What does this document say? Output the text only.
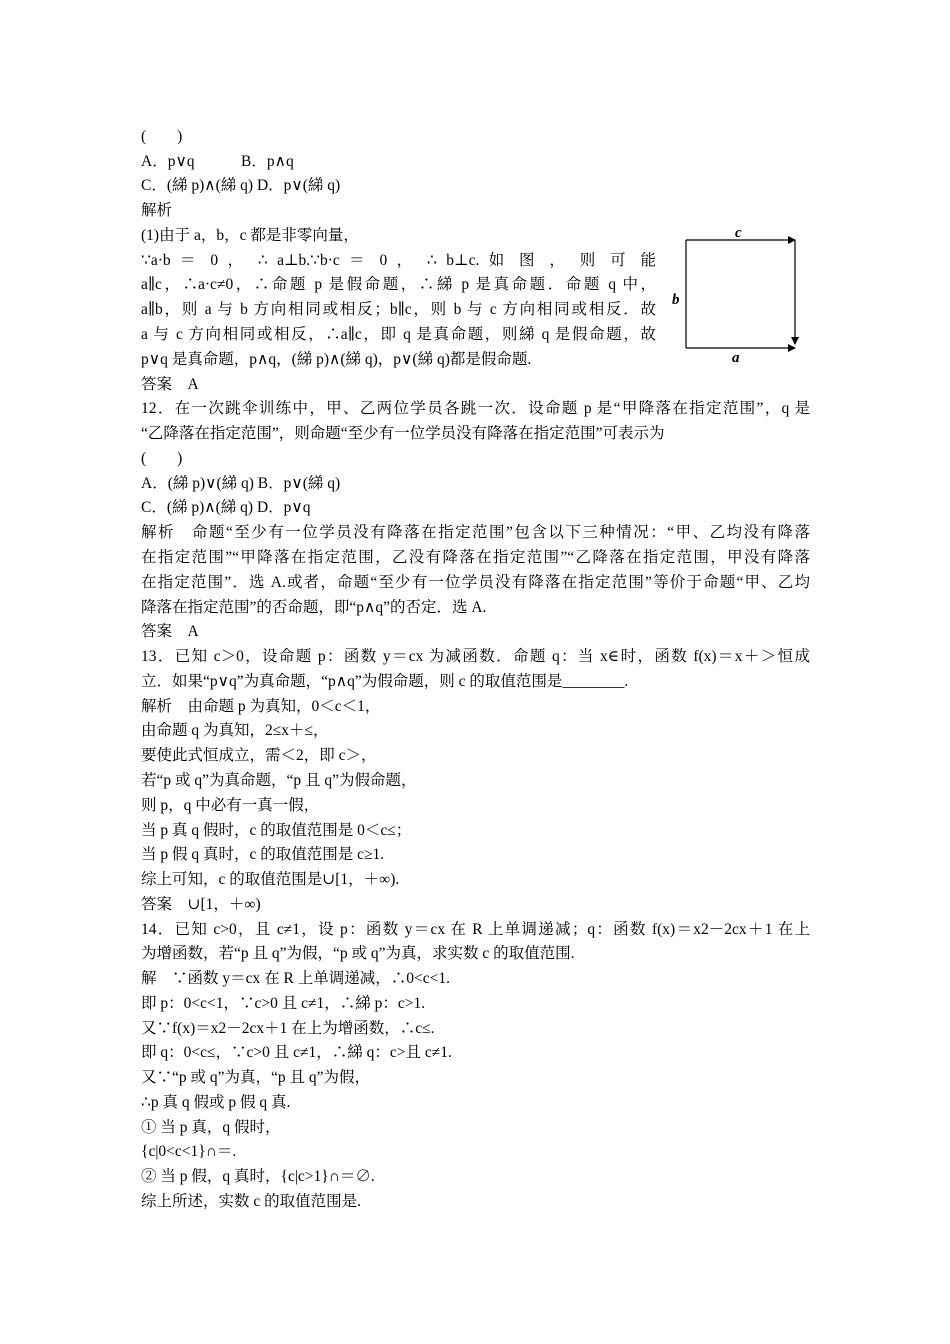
(　　)
A．p∨q　　　B．p∧q
C．(綈 p)∧(綈 q) D．p∨(綈 q)
解析
(1)由于 a，b，c 都是非零向量，
∵a·b ＝ 0 ， ∴ a⊥b.∵b·c ＝ 0 ， ∴ b⊥c. 如 图 ， 则 可 能
a∥c，∴a·c≠0，∴命题 p 是假命题，∴綈 p 是真命题．命题 q 中，
a∥b，则 a 与 b 方向相同或相反；b∥c，则 b 与 c 方向相同或相反．故
a 与 c 方向相同或相反，∴a∥c，即 q 是真命题，则綈 q 是假命题，故
p∨q 是真命题，p∧q，(綈 p)∧(綈 q)，p∨(綈 q)都是假命题.
答案　A
12．在一次跳伞训练中，甲、乙两位学员各跳一次．设命题 p 是“甲降落在指定范围”，q 是
“乙降落在指定范围”，则命题“至少有一位学员没有降落在指定范围”可表示为
(　　)
A．(綈 p)∨(綈 q) B．p∨(綈 q)
C．(綈 p)∧(綈 q) D．p∨q
解析　命题“至少有一位学员没有降落在指定范围”包含以下三种情况：“甲、乙均没有降落
在指定范围”“甲降落在指定范围，乙没有降落在指定范围”“乙降落在指定范围，甲没有降落
在指定范围”．选 A.或者，命题“至少有一位学员没有降落在指定范围”等价于命题“甲、乙均
降落在指定范围”的否命题，即“p∧q”的否定．选 A.
答案　A
13．已知 c＞0，设命题 p：函数 y＝cx 为减函数．命题 q：当 x∈时，函数 f(x)＝x＋＞恒成
立．如果“p∨q”为真命题，“p∧q”为假命题，则 c 的取值范围是________.
解析　由命题 p 为真知，0＜c＜1，
由命题 q 为真知，2≤x＋≤，
要使此式恒成立，需＜2，即 c＞，
若“p 或 q”为真命题，“p 且 q”为假命题，
则 p，q 中必有一真一假，
当 p 真 q 假时，c 的取值范围是 0＜c≤；
当 p 假 q 真时，c 的取值范围是 c≥1.
综上可知，c 的取值范围是∪[1，＋∞).
答案　∪[1，＋∞)
14．已知 c>0，且 c≠1，设 p：函数 y＝cx 在 R 上单调递减；q：函数 f(x)＝x2－2cx＋1 在上
为增函数，若“p 且 q”为假，“p 或 q”为真，求实数 c 的取值范围.
解　∵函数 y＝cx 在 R 上单调递减，∴0<c<1.
即 p：0<c<1，∵c>0 且 c≠1，∴綈 p：c>1.
又∵f(x)＝x2－2cx＋1 在上为增函数，∴c≤.
即 q：0<c≤，∵c>0 且 c≠1，∴綈 q：c>且 c≠1.
又∵“p 或 q”为真，“p 且 q”为假，
∴p 真 q 假或 p 假 q 真.
① 当 p 真，q 假时，
{c|0<c<1}∩＝.
② 当 p 假，q 真时，{c|c>1}∩＝∅.
综上所述，实数 c 的取值范围是.
c
b
a
